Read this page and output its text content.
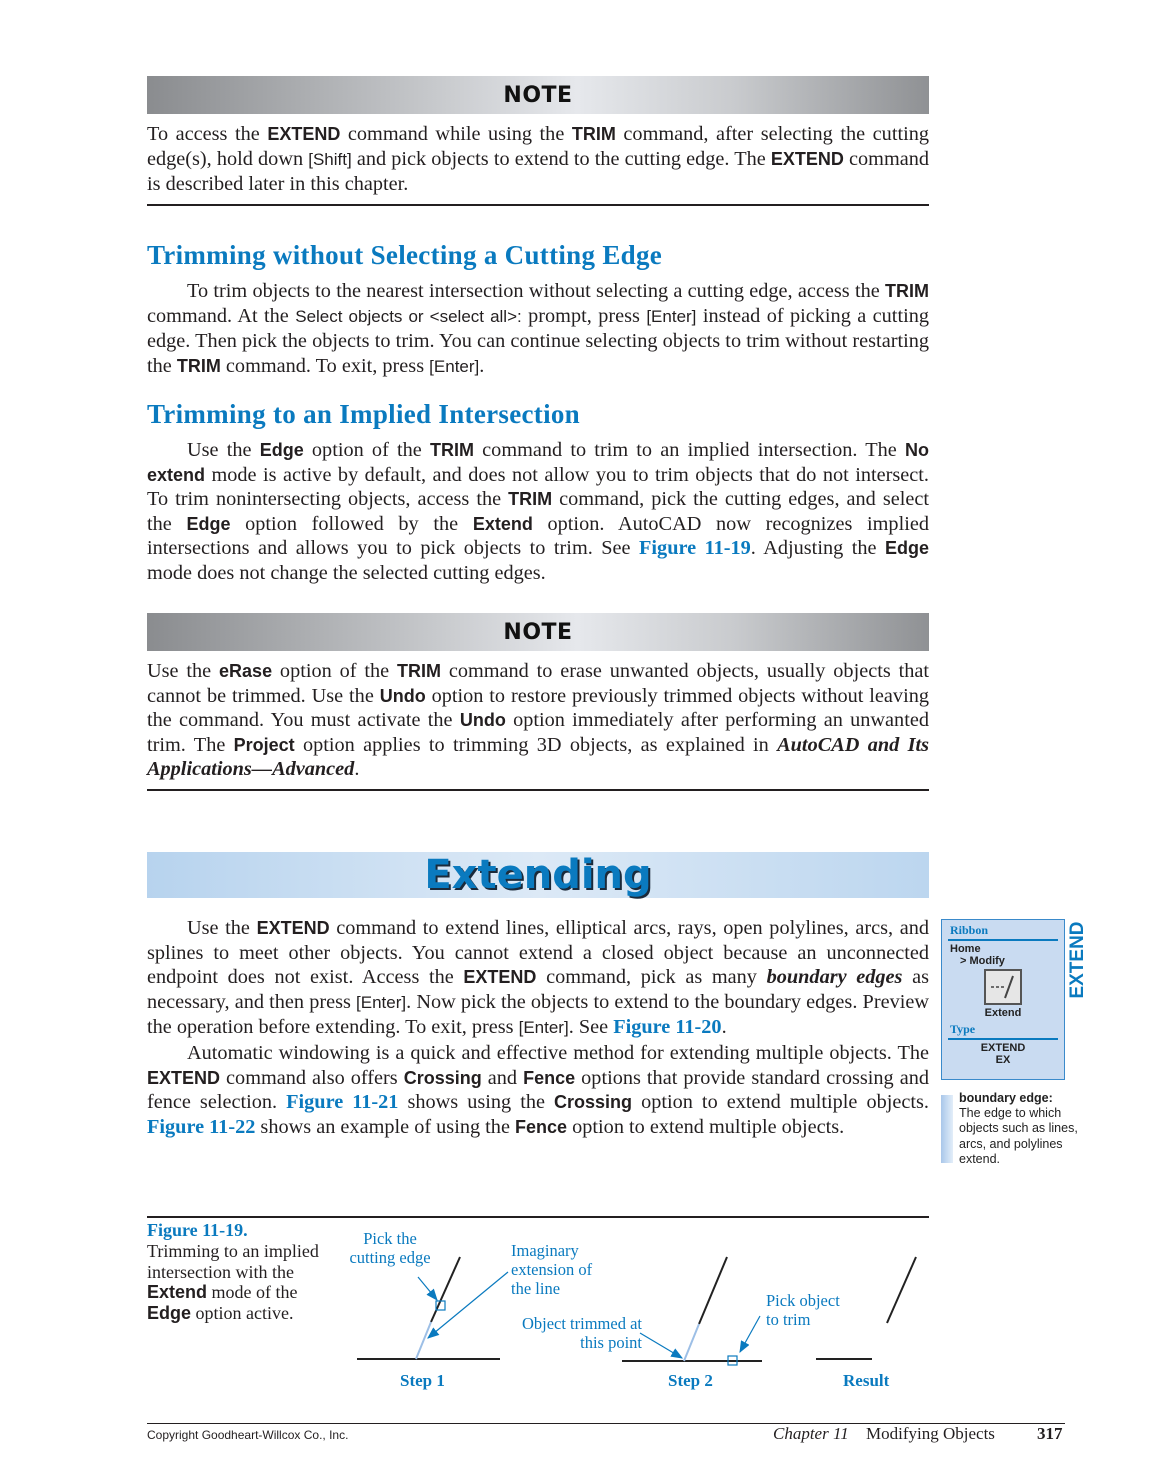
NOTE

To access the EXTEND command while using the TRIM command, after selecting the cutting edge(s), hold down [Shift] and pick objects to extend to the cutting edge. The EXTEND command is described later in this chapter.

Trimming without Selecting a Cutting Edge

To trim objects to the nearest intersection without selecting a cutting edge, access the TRIM command. At the Select objects or <select all>: prompt, press [Enter] instead of picking a cutting edge. Then pick the objects to trim. You can continue selecting objects to trim without restarting the TRIM command. To exit, press [Enter].

Trimming to an Implied Intersection

Use the Edge option of the TRIM command to trim to an implied intersection. The No extend mode is active by default, and does not allow you to trim objects that do not intersect. To trim nonintersecting objects, access the TRIM command, pick the cutting edges, and select the Edge option followed by the Extend option. AutoCAD now recognizes implied intersections and allows you to pick objects to trim. See Figure 11-19. Adjusting the Edge mode does not change the selected cutting edges.

NOTE

Use the eRase option of the TRIM command to erase unwanted objects, usually objects that cannot be trimmed. Use the Undo option to restore previously trimmed objects without leaving the command. You must activate the Undo option immediately after performing an unwanted trim. The Project option applies to trimming 3D objects, as explained in AutoCAD and Its Applications—Advanced.

Extending

Use the EXTEND command to extend lines, elliptical arcs, rays, open polylines, arcs, and splines to meet other objects. You cannot extend a closed object because an unconnected endpoint does not exist. Access the EXTEND command, pick as many boundary edges as necessary, and then press [Enter]. Now pick the objects to extend to the boundary edges. Preview the operation before extending. To exit, press [Enter]. See Figure 11-20.

Automatic windowing is a quick and effective method for extending multiple objects. The EXTEND command also offers Crossing and Fence options that provide standard crossing and fence selection. Figure 11-21 shows using the Crossing option to extend multiple objects. Figure 11-22 shows an example of using the Fence option to extend multiple objects.

Ribbon
Home
> Modify
Extend
Type
EXTEND
EX
EXTEND
boundary edge:
The edge to which objects such as lines, arcs, and polylines extend.
Figure 11-19.
Trimming to an implied intersection with the Extend mode of the Edge option active.
Pick the cutting edge	Imaginary extension of the line
Object trimmed at this point
Pick object to trim
Step 1	Step 2	Result
Copyright Goodheart-Willcox Co., Inc.	Chapter 11 Modifying Objects 317
